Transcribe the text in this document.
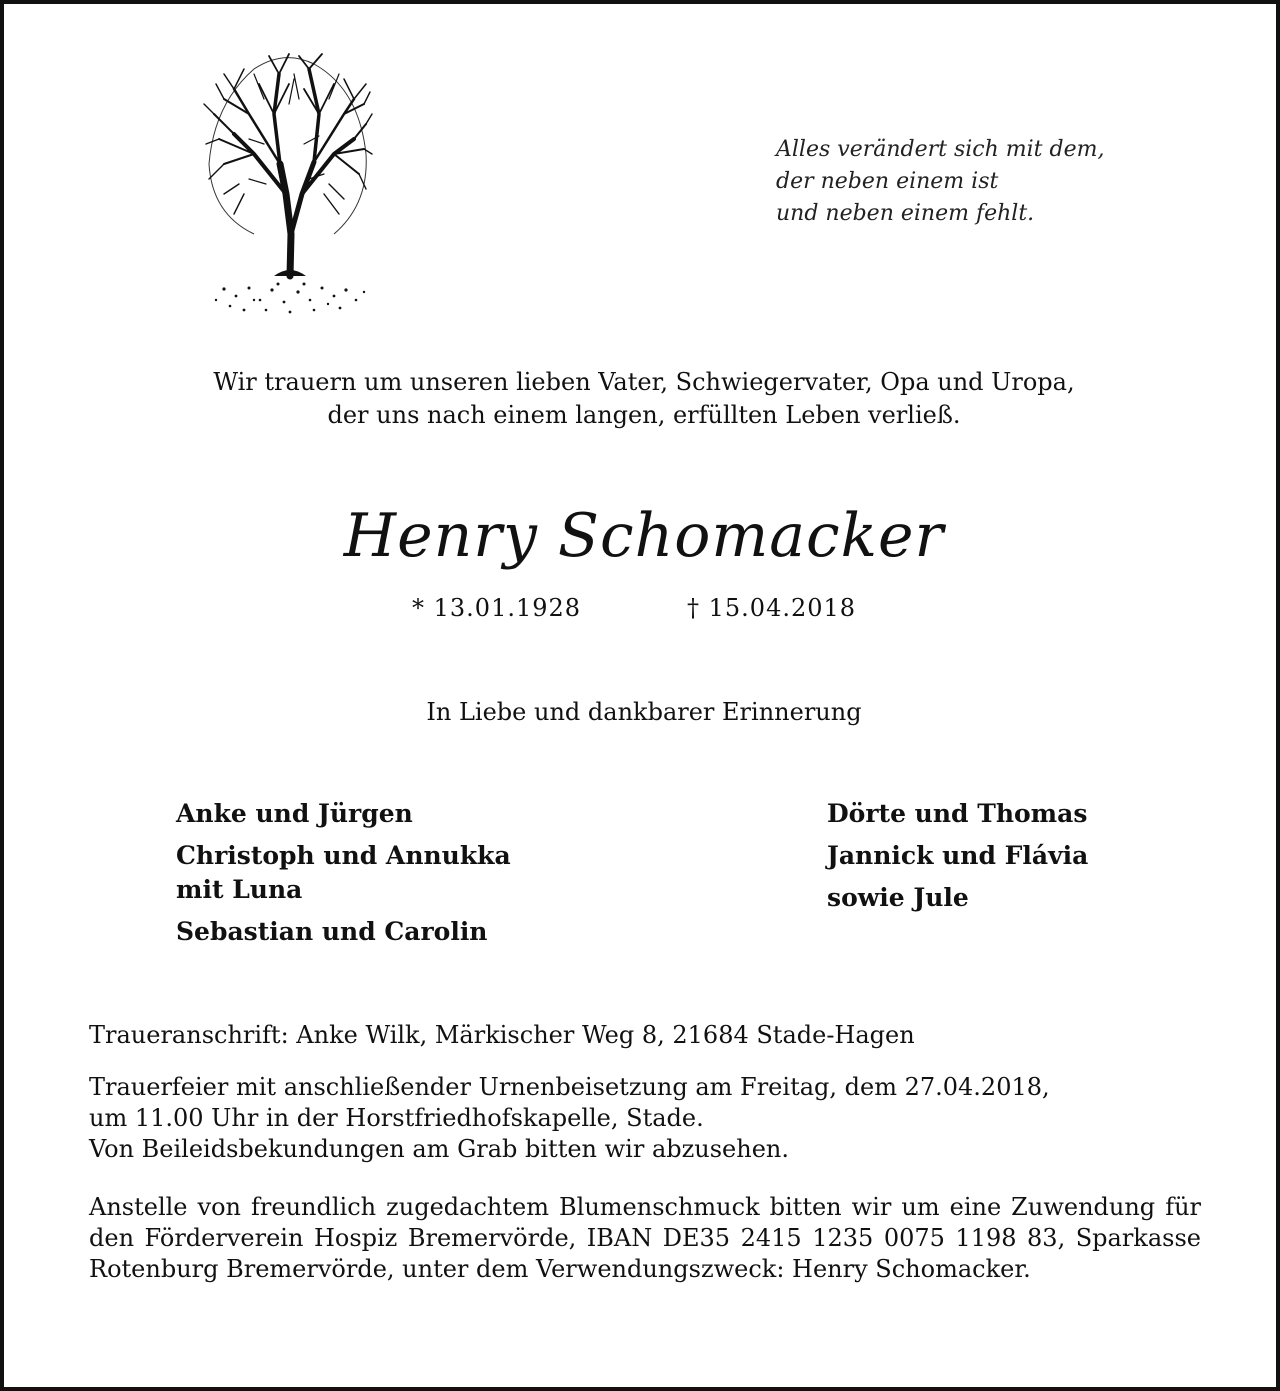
Alles verändert sich mit dem,
der neben einem ist
und neben einem fehlt.
Wir trauern um unseren lieben Vater, Schwiegervater, Opa und Uropa,
der uns nach einem langen, erfüllten Leben verließ.
Henry Schomacker
* 13.01.1928	† 15.04.2018
In Liebe und dankbarer Erinnerung
Anke und Jürgen
Christoph und Annukka
mit Luna
Sebastian und Carolin
Dörte und Thomas
Jannick und Flávia
sowie Jule
Traueranschrift: Anke Wilk, Märkischer Weg 8, 21684 Stade-Hagen
Trauerfeier mit anschließender Urnenbeisetzung am Freitag, dem 27.04.2018,
um 11.00 Uhr in der Horstfriedhofskapelle, Stade.
Von Beileidsbekundungen am Grab bitten wir abzusehen.
Anstelle von freundlich zugedachtem Blumenschmuck bitten wir um eine Zuwendung für den Förderverein Hospiz Bremervörde, IBAN DE35 2415 1235 0075 1198 83, Sparkasse Rotenburg Bremervörde, unter dem Verwendungszweck: Henry Schomacker.
